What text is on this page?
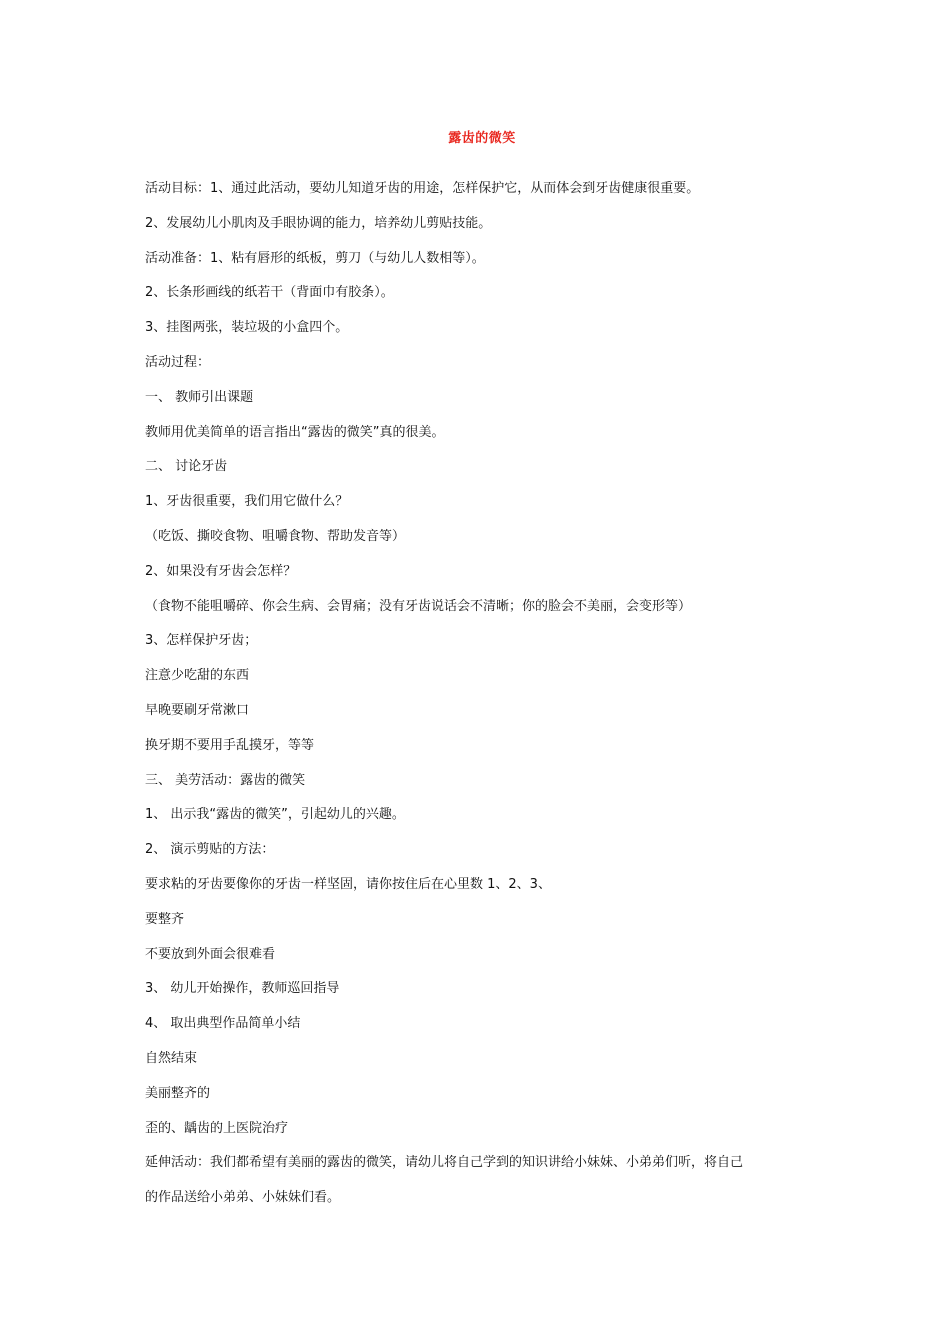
露齿的微笑
活动目标：1、通过此活动，要幼儿知道牙齿的用途，怎样保护它，从而体会到牙齿健康很重要。
2、发展幼儿小肌肉及手眼协调的能力，培养幼儿剪贴技能。
活动准备：1、粘有唇形的纸板，剪刀（与幼儿人数相等）。
2、长条形画线的纸若干（背面巾有胶条）。
3、挂图两张，装垃圾的小盒四个。
活动过程：
一、 教师引出课题
教师用优美简单的语言指出“露齿的微笑”真的很美。
二、 讨论牙齿
1、牙齿很重要，我们用它做什么？
（吃饭、撕咬食物、咀嚼食物、帮助发音等）
2、如果没有牙齿会怎样？
（食物不能咀嚼碎、你会生病、会胃痛；没有牙齿说话会不清晰；你的脸会不美丽，会变形等）
3、怎样保护牙齿；
注意少吃甜的东西
早晚要刷牙常漱口
换牙期不要用手乱摸牙，等等
三、 美劳活动：露齿的微笑
1、 出示我“露齿的微笑”，引起幼儿的兴趣。
2、 演示剪贴的方法：
要求粘的牙齿要像你的牙齿一样坚固，请你按住后在心里数 1、2、3、
要整齐
不要放到外面会很难看
3、 幼儿开始操作，教师巡回指导
4、 取出典型作品简单小结
自然结束
美丽整齐的
歪的、龋齿的上医院治疗
延伸活动：我们都希望有美丽的露齿的微笑，请幼儿将自己学到的知识讲给小妹妹、小弟弟们听，将自己
的作品送给小弟弟、小妹妹们看。
